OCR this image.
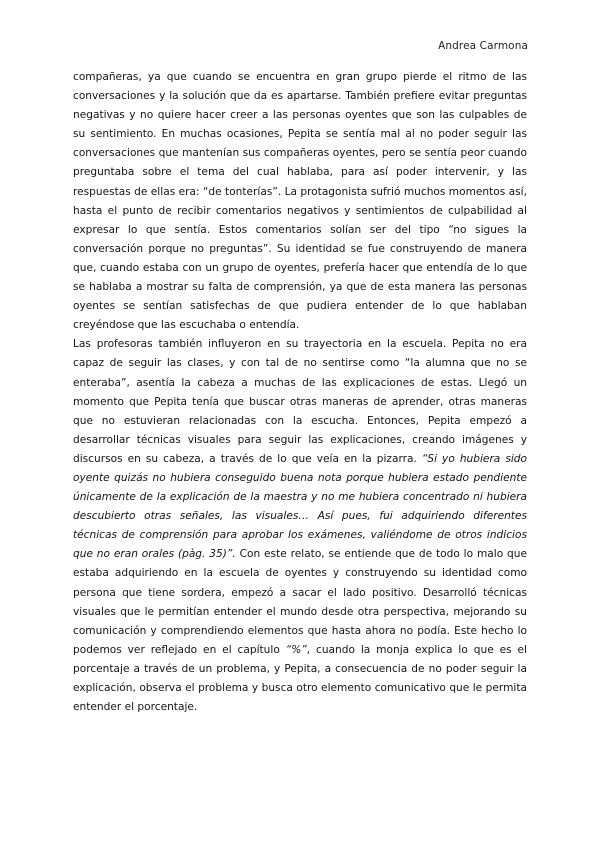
Andrea Carmona

compañeras, ya que cuando se encuentra en gran grupo pierde el ritmo de las conversaciones y la solución que da es apartarse. También prefiere evitar preguntas negativas y no quiere hacer creer a las personas oyentes que son las culpables de su sentimiento. En muchas ocasiones, Pepita se sentía mal al no poder seguir las conversaciones que mantenían sus compañeras oyentes, pero se sentía peor cuando preguntaba sobre el tema del cual hablaba, para así poder intervenir, y las respuestas de ellas era: “de tonterías”. La protagonista sufrió muchos momentos así, hasta el punto de recibir comentarios negativos y sentimientos de culpabilidad al expresar lo que sentía. Estos comentarios solían ser del tipo “no sigues la conversación porque no preguntas”. Su identidad se fue construyendo de manera que, cuando estaba con un grupo de oyentes, prefería hacer que entendía de lo que se hablaba a mostrar su falta de comprensión, ya que de esta manera las personas oyentes se sentían satisfechas de que pudiera entender de lo que hablaban creyéndose que las escuchaba o entendía.

Las profesoras también influyeron en su trayectoria en la escuela. Pepita no era capaz de seguir las clases, y con tal de no sentirse como “la alumna que no se enteraba”, asentía la cabeza a muchas de las explicaciones de estas. Llegó un momento que Pepita tenía que buscar otras maneras de aprender, otras maneras que no estuvieran relacionadas con la escucha. Entonces, Pepita empezó a desarrollar técnicas visuales para seguir las explicaciones, creando imágenes y discursos en su cabeza, a través de lo que veía en la pizarra. “Si yo hubiera sido oyente quizás no hubiera conseguido buena nota porque hubiera estado pendiente únicamente de la explicación de la maestra y no me hubiera concentrado ni hubiera descubierto otras señales, las visuales… Así pues, fui adquiriendo diferentes técnicas de comprensión para aprobar los exámenes, valiéndome de otros indicios que no eran orales (pàg. 35)”. Con este relato, se entiende que de todo lo malo que estaba adquiriendo en la escuela de oyentes y construyendo su identidad como persona que tiene sordera, empezó a sacar el lado positivo. Desarrolló técnicas visuales que le permitían entender el mundo desde otra perspectiva, mejorando su comunicación y comprendiendo elementos que hasta ahora no podía. Este hecho lo podemos ver reflejado en el capítulo “%”, cuando la monja explica lo que es el porcentaje a través de un problema, y Pepita, a consecuencia de no poder seguir la explicación, observa el problema y busca otro elemento comunicativo que le permita entender el porcentaje.
